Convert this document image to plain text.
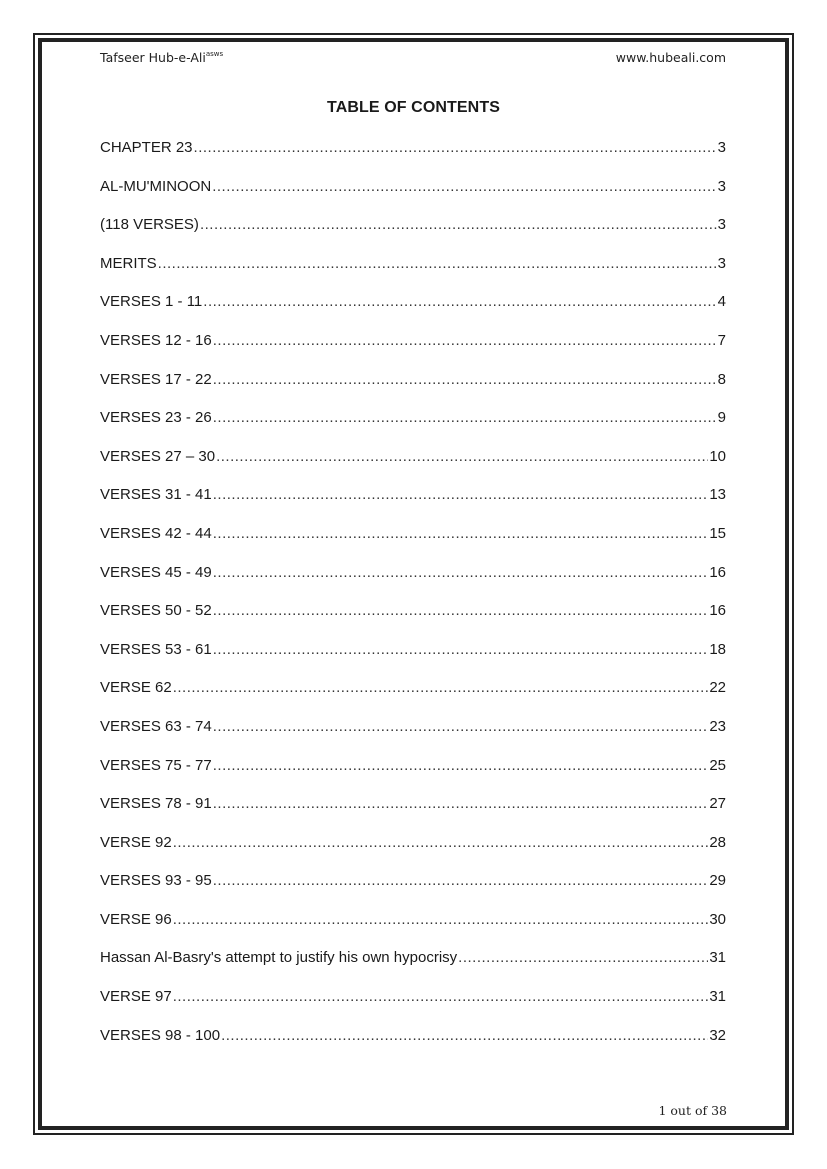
Tafseer Hub-e-Ali$^{asws}$	www.hubeali.com
TABLE OF CONTENTS
CHAPTER 23 .....	3
AL-MU'MINOON .....	3
(118 VERSES) .....	3
MERITS .....	3
VERSES 1 - 11 .....	4
VERSES 12 - 16 .....	7
VERSES 17 - 22 .....	8
VERSES 23 - 26 .....	9
VERSES 27 – 30 .....	10
VERSES 31 - 41 .....	13
VERSES 42 - 44 .....	15
VERSES 45 - 49 .....	16
VERSES 50 - 52 .....	16
VERSES 53 - 61 .....	18
VERSE 62 .....	22
VERSES 63 - 74 .....	23
VERSES 75 - 77 .....	25
VERSES 78 - 91 .....	27
VERSE 92 .....	28
VERSES 93 - 95 .....	29
VERSE 96 .....	30
Hassan Al-Basry's attempt to justify his own hypocrisy .....	31
VERSE 97 .....	31
VERSES 98 - 100 .....	32
1 out of 38
